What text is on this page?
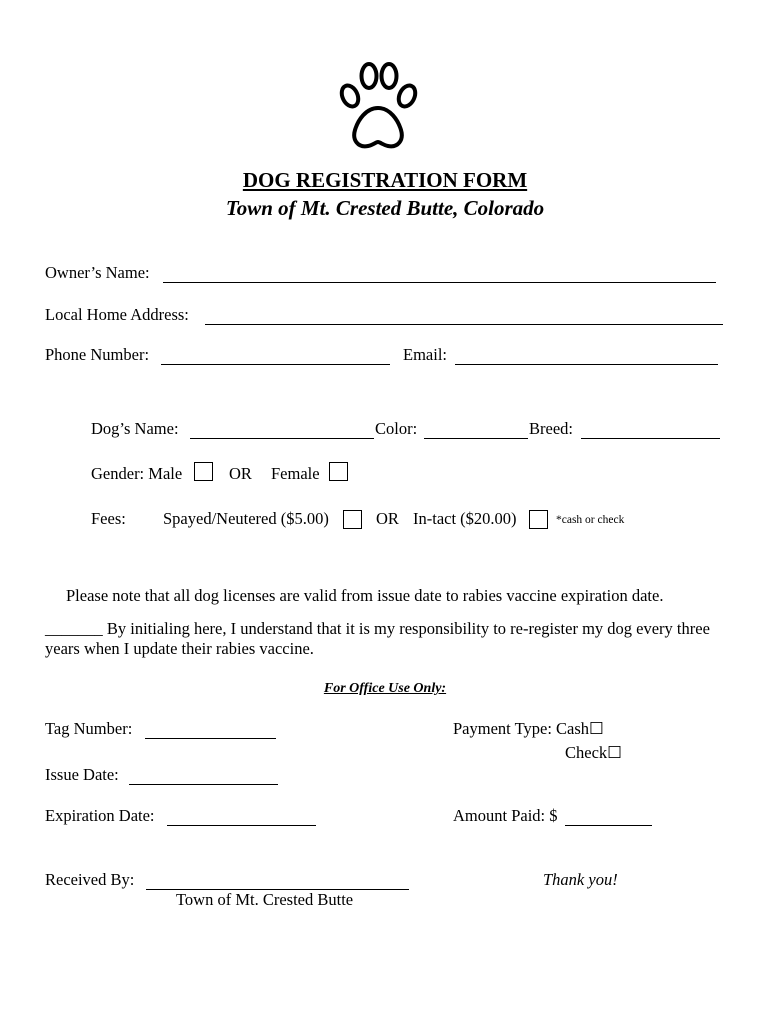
DOG REGISTRATION FORM
Town of Mt. Crested Butte, Colorado
Owner’s Name:
Local Home Address:
Phone Number:	Email:
Dog’s Name:	Color:	Breed:
Gender: Male	OR Female
Fees: Spayed/Neutered ($5.00)	OR In-tact ($20.00)	*cash or check
Please note that all dog licenses are valid from issue date to rabies vaccine expiration date.
_______ By initialing here, I understand that it is my responsibility to re-register my dog every three years when I update their rabies vaccine.
For Office Use Only:
Tag Number:	Payment Type: Cash☐
Check☐
Issue Date:
Expiration Date:	Amount Paid: $
Received By:
Town of Mt. Crested Butte
Thank you!
